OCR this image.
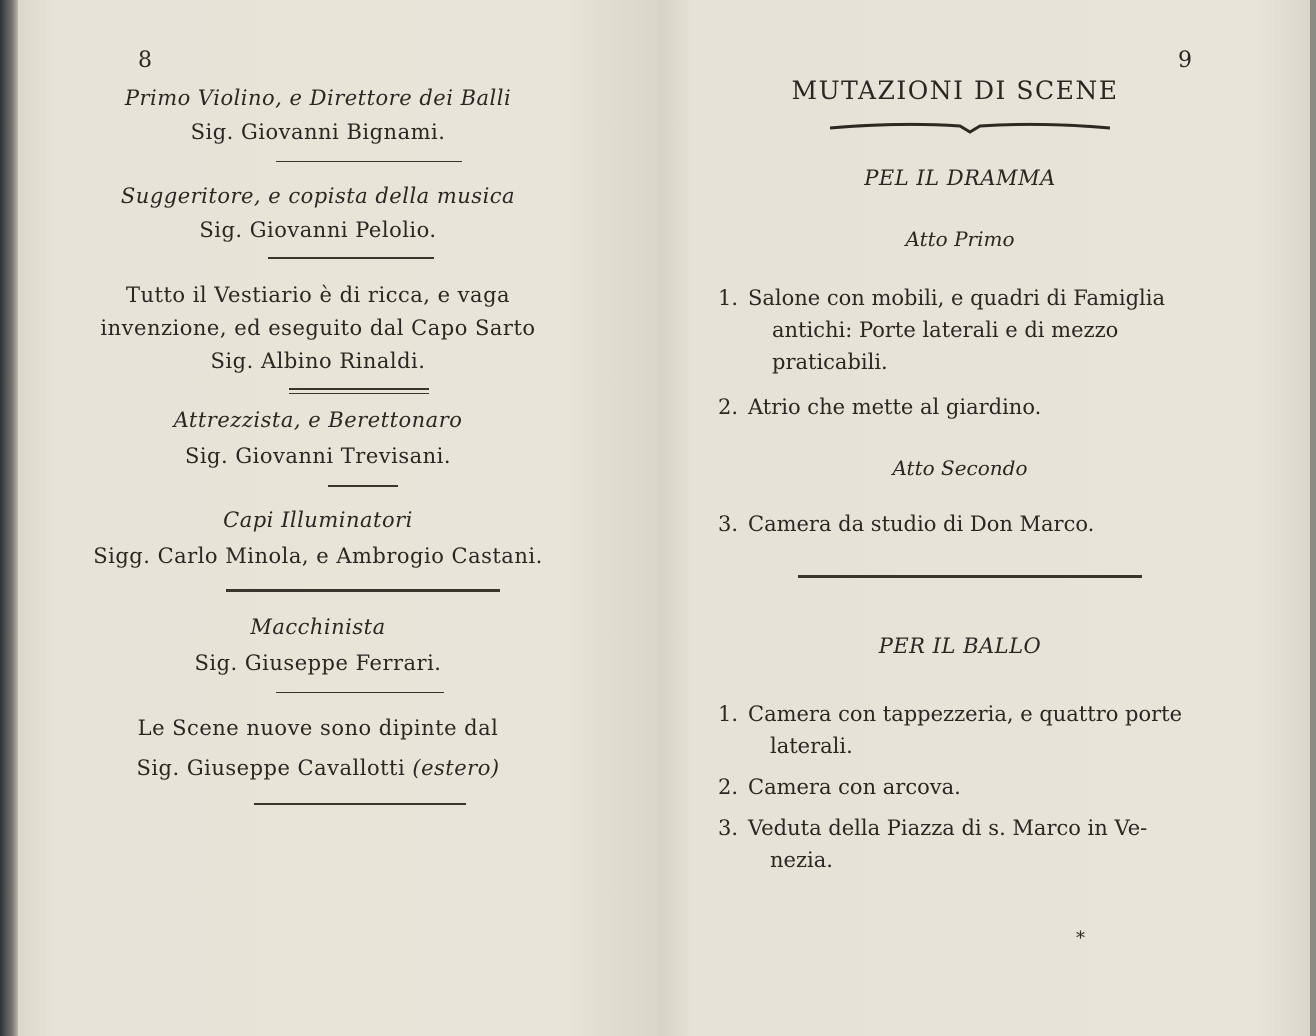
8
Primo Violino, e Direttore dei Balli
Sig. Giovanni Bignami.
Suggeritore, e copista della musica
Sig. Giovanni Pelolio.
Tutto il Vestiario è di ricca, e vaga
invenzione, ed eseguito dal Capo Sarto
Sig. Albino Rinaldi.
Attrezzista, e Berettonaro
Sig. Giovanni Trevisani.
Capi Illuminatori
Sigg. Carlo Minola, e Ambrogio Castani.
Macchinista
Sig. Giuseppe Ferrari.
Le Scene nuove sono dipinte dal
Sig. Giuseppe Cavallotti (estero)
9
MUTAZIONI DI SCENE
PEL IL DRAMMA
Atto Primo
1. Salone con mobili, e quadri di Famiglia
antichi: Porte laterali e di mezzo
praticabili.
2. Atrio che mette al giardino.
Atto Secondo
3. Camera da studio di Don Marco.
PER IL BALLO
1. Camera con tappezzeria, e quattro porte
laterali.
2. Camera con arcova.
3. Veduta della Piazza di s. Marco in Ve-
nezia.
*
